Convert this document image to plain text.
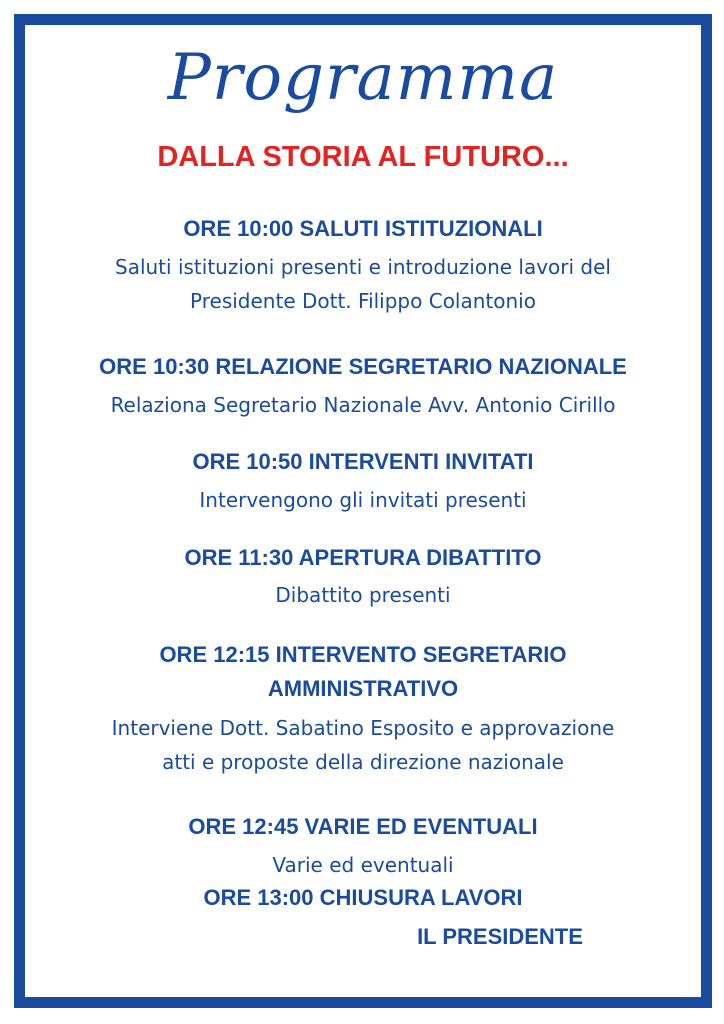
Programma
DALLA STORIA AL FUTURO...

ORE 10:00 SALUTI ISTITUZIONALI

Saluti istituzioni presenti e introduzione lavori del

Presidente Dott. Filippo Colantonio

ORE 10:30 RELAZIONE SEGRETARIO NAZIONALE

Relaziona Segretario Nazionale Avv. Antonio Cirillo

ORE 10:50 INTERVENTI INVITATI

Intervengono gli invitati presenti

ORE 11:30 APERTURA DIBATTITO

Dibattito presenti

ORE 12:15 INTERVENTO SEGRETARIO

AMMINISTRATIVO

Interviene Dott. Sabatino Esposito e approvazione

atti e proposte della direzione nazionale

ORE 12:45 VARIE ED EVENTUALI

Varie ed eventuali

ORE 13:00 CHIUSURA LAVORI

IL PRESIDENTE
